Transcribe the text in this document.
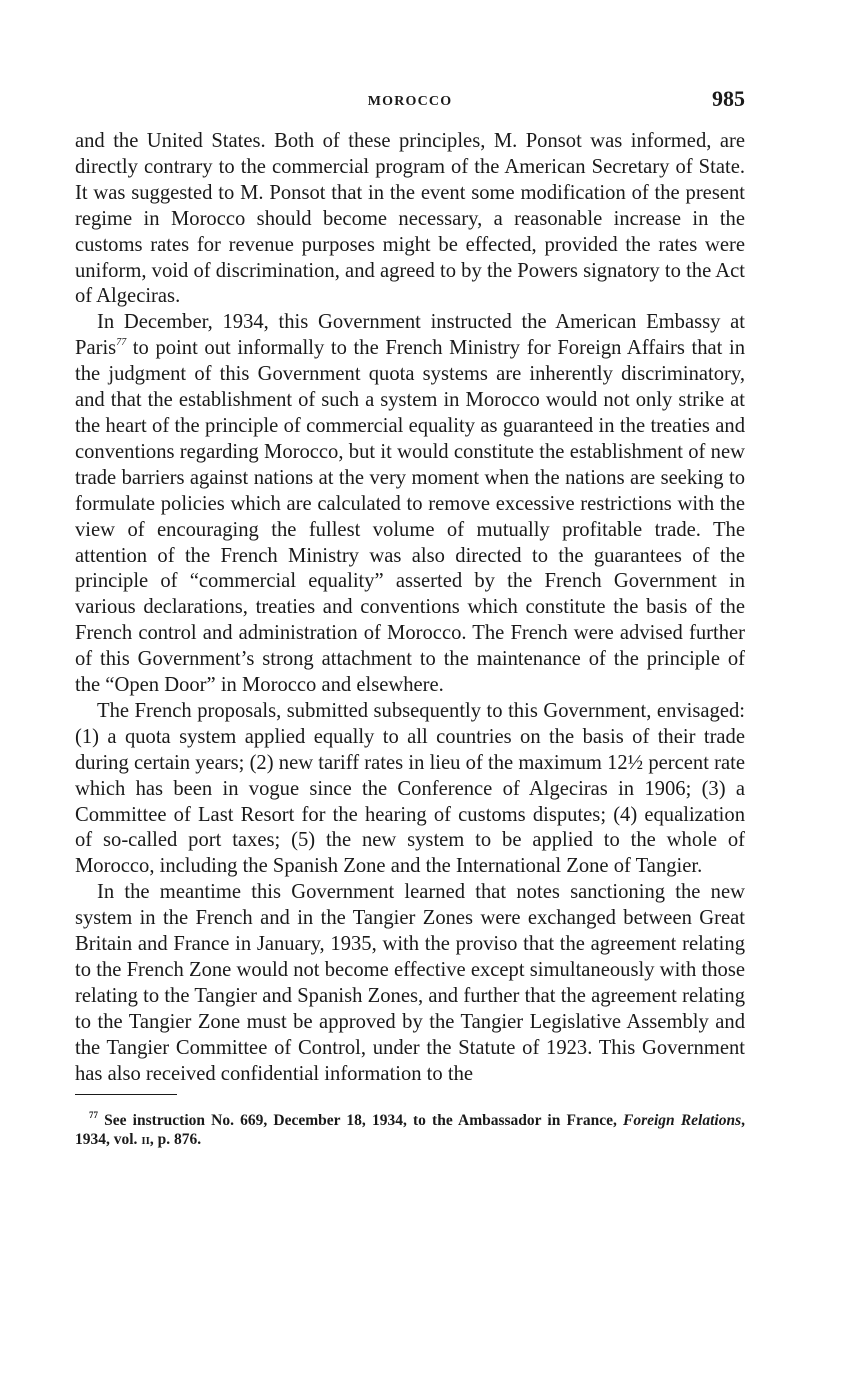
MOROCCO	985

and the United States. Both of these principles, M. Ponsot was informed, are directly contrary to the commercial program of the American Secretary of State. It was suggested to M. Ponsot that in the event some modification of the present regime in Morocco should become necessary, a reasonable increase in the customs rates for revenue purposes might be effected, provided the rates were uniform, void of discrimination, and agreed to by the Powers signatory to the Act of Algeciras.

In December, 1934, this Government instructed the American Embassy at Paris$^{77}$ to point out informally to the French Ministry for Foreign Affairs that in the judgment of this Government quota systems are inherently discriminatory, and that the establishment of such a system in Morocco would not only strike at the heart of the principle of commercial equality as guaranteed in the treaties and conventions regarding Morocco, but it would constitute the establishment of new trade barriers against nations at the very moment when the nations are seeking to formulate policies which are calculated to remove excessive restrictions with the view of encouraging the fullest volume of mutually profitable trade. The attention of the French Ministry was also directed to the guarantees of the principle of “commercial equality” asserted by the French Government in various declarations, treaties and conventions which constitute the basis of the French control and administration of Morocco. The French were advised further of this Government’s strong attachment to the maintenance of the principle of the “Open Door” in Morocco and elsewhere.

The French proposals, submitted subsequently to this Government, envisaged: (1) a quota system applied equally to all countries on the basis of their trade during certain years; (2) new tariff rates in lieu of the maximum 12½ percent rate which has been in vogue since the Conference of Algeciras in 1906; (3) a Committee of Last Resort for the hearing of customs disputes; (4) equalization of so-called port taxes; (5) the new system to be applied to the whole of Morocco, including the Spanish Zone and the International Zone of Tangier.

In the meantime this Government learned that notes sanctioning the new system in the French and in the Tangier Zones were exchanged between Great Britain and France in January, 1935, with the proviso that the agreement relating to the French Zone would not become effective except simultaneously with those relating to the Tangier and Spanish Zones, and further that the agreement relating to the Tangier Zone must be approved by the Tangier Legislative Assembly and the Tangier Committee of Control, under the Statute of 1923. This Government has also received confidential information to the

$^{77}$ See instruction No. 669, December 18, 1934, to the Ambassador in France, Foreign Relations, 1934, vol. ii, p. 876.
